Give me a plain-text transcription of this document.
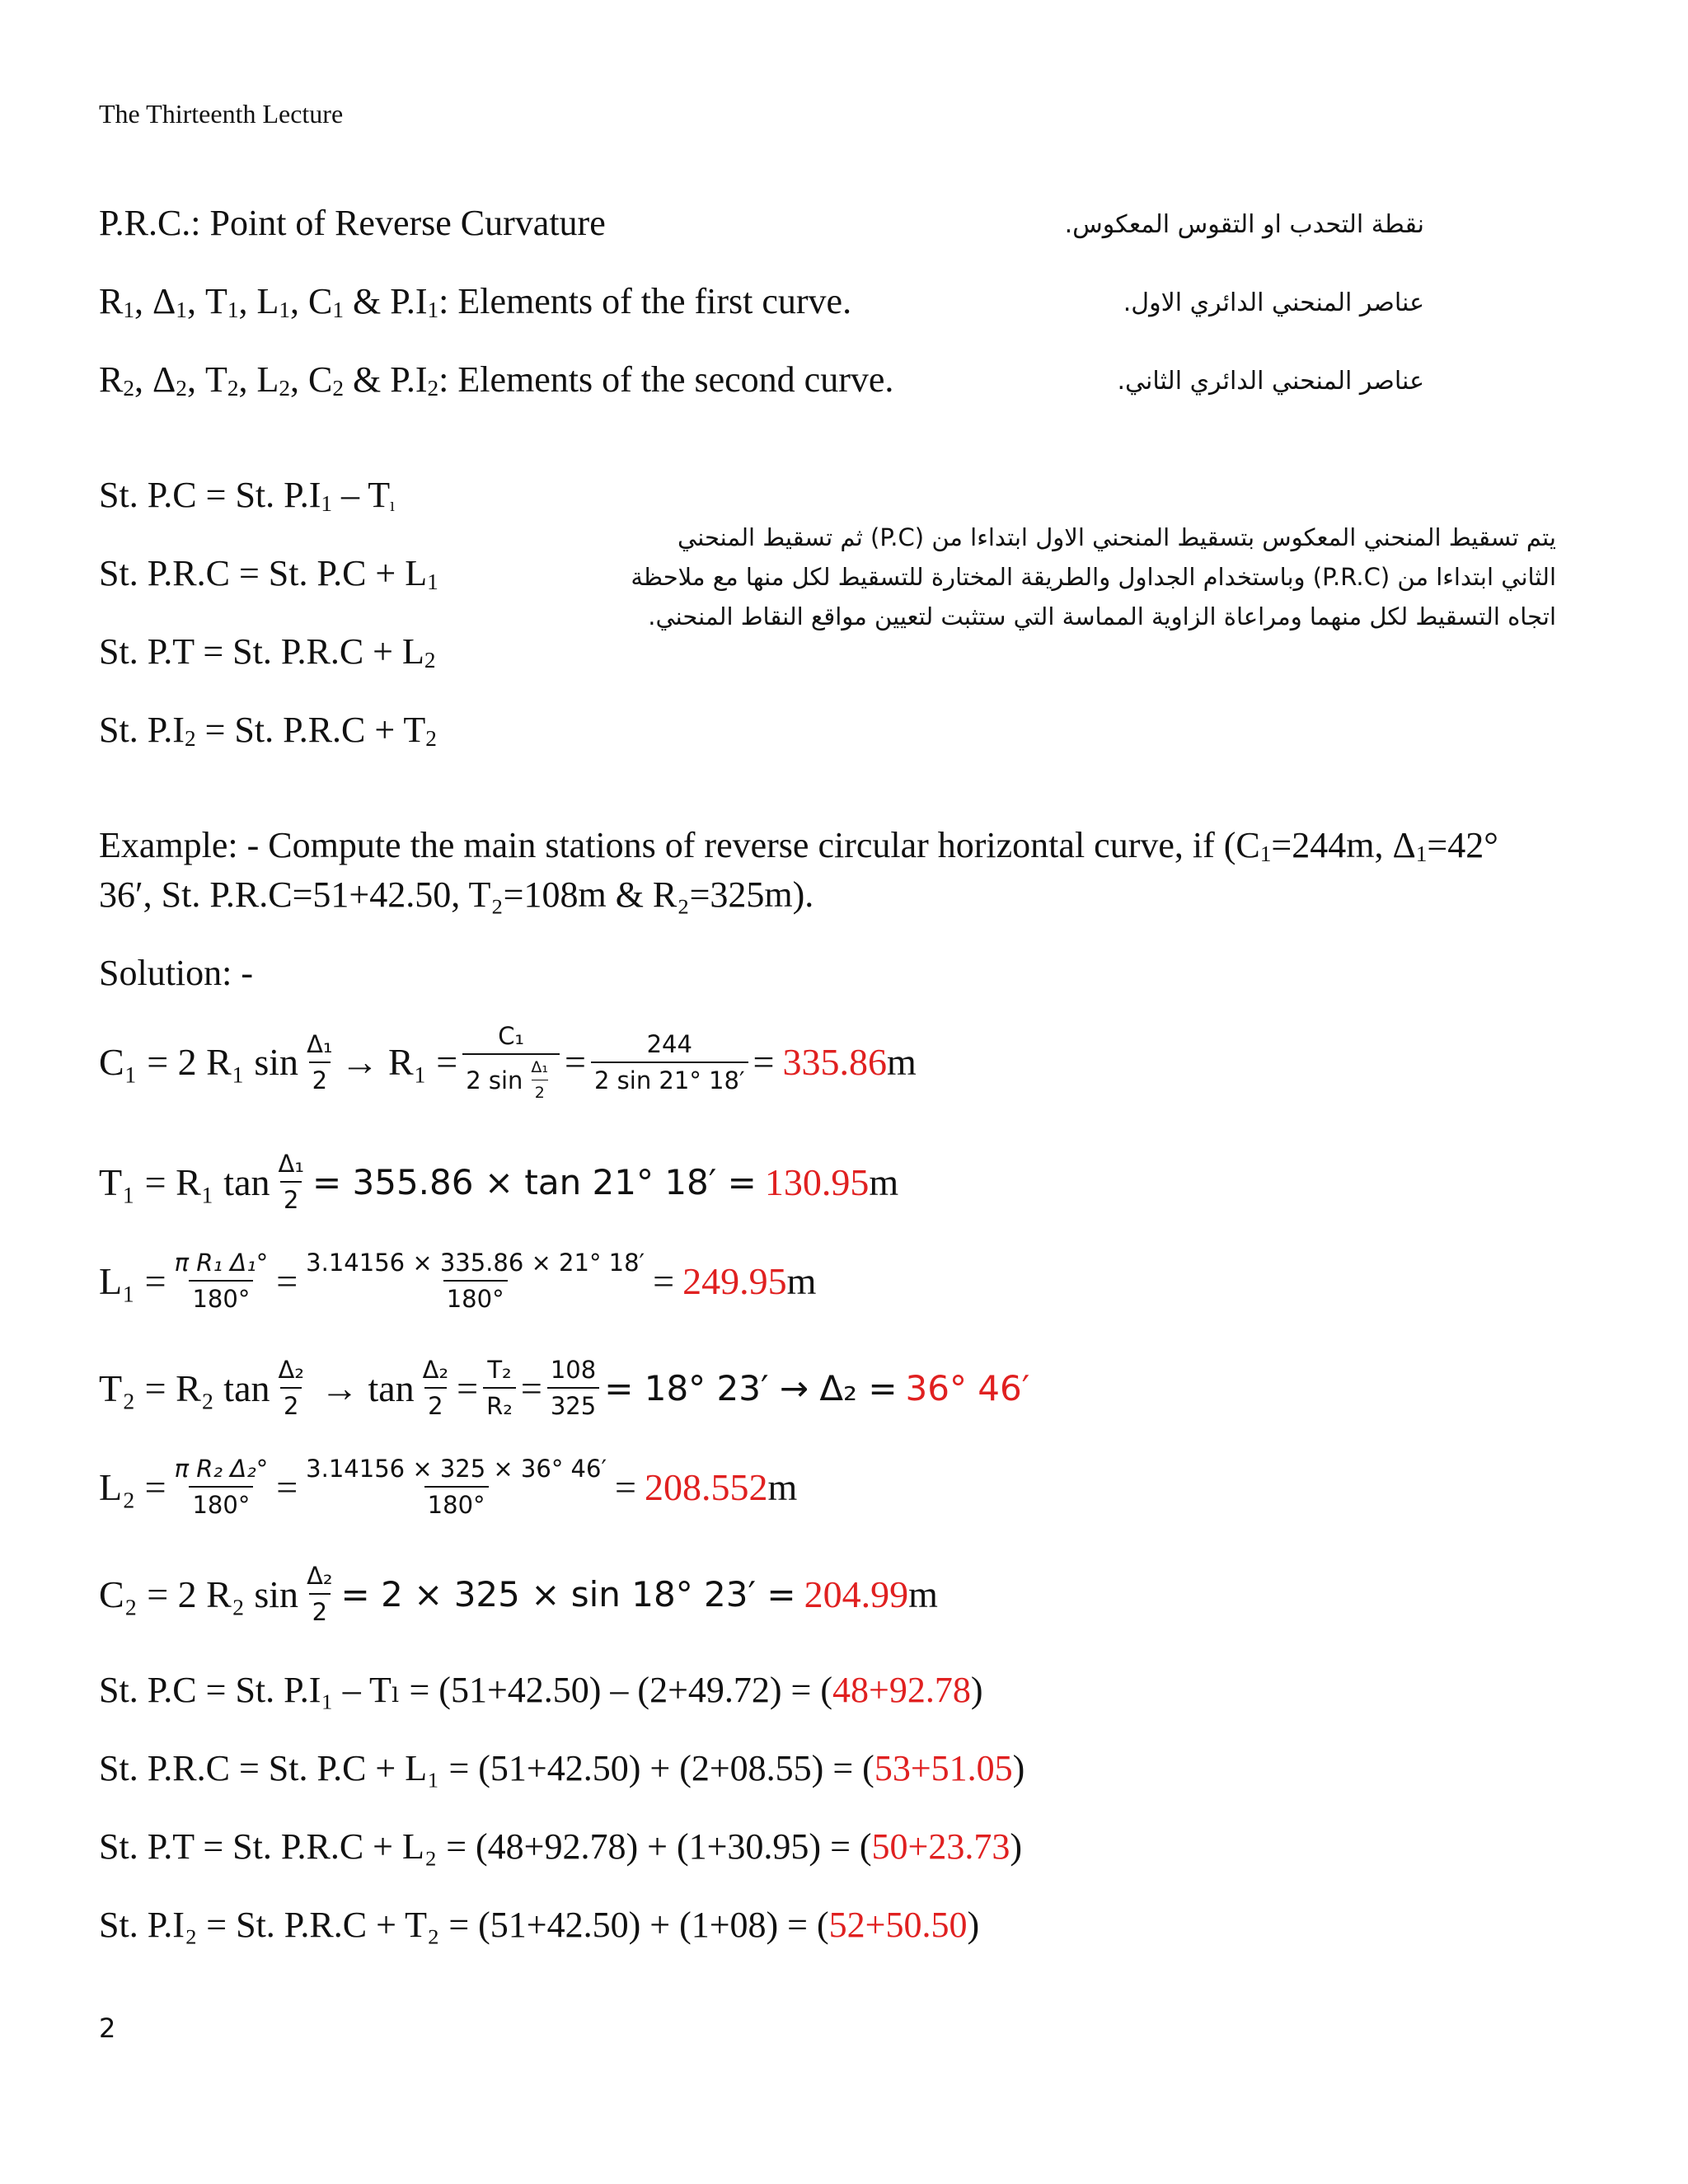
The Thirteenth Lecture
P.R.C.: Point of Reverse Curvature	نقطة التحدب او التقوس المعكوس.
$R_1$, $\Delta_1$, $T_1$, $L_1$, $C_1$ & $P.I_1$: Elements of the first curve.	عناصر المنحني الدائري الاول.
$R_2$, $\Delta_2$, $T_2$, $L_2$, $C_2$ & $P.I_2$: Elements of the second curve.	عناصر المنحني الدائري الثاني.
St. P.C = St. $P.I_1 - T_{_l}$
St. P.R.C = St. $P.C + L_1$
St. P.T = St. $P.R.C + L_2$
St. $P.I_2 = St$. $P.R.C + T_2$
يتم تسقيط المنحني المعكوس بتسقيط المنحني الاول ابتداءا من (P.C) ثم تسقيط المنحني الثاني ابتداءا من (P.R.C) وباستخدام الجداول والطريقة المختارة للتسقيط لكل منها مع ملاحظة اتجاه التسقيط لكل منهما ومراعاة الزاوية المماسة التي ستثبت لتعيين مواقع النقاط المنحني.
Example: - Compute the main stations of reverse circular horizontal curve, if ($C_1=244m$, $\Delta_1=42^\circ$
36′, St. P.R.C=51+42.50, T₂=108m & R₂=325m).
Solution: -
C₁ = 2 R₁ $\sin \frac{\text{Δ₁}}{2} \to R_1 = \frac{\text{C₁}}{2 \sin \frac{\text{Δ₁}}{2}} = \frac{244}{2 \sin 21^\circ 18'} = 335.86$ m
T₁ = R₁ $\tan \frac{\text{Δ₁}}{2} = 355.86 \times \tan 21^\circ$ 18′ = 130.95 m
$L_1 = \frac{\text{π R₁ Δ₁°}}{180^\circ} = \frac{3.14156 \times 335.86 \times 21^\circ 18'}{180^\circ} = 249.95$ m
T₂ = R₂ $\tan \frac{\text{Δ₂}}{2} \to \tan \frac{\text{Δ₂}}{2} = \frac{\text{T₂}}{\text{R₂}} = \frac{108}{325} = 18^\circ$ 23′ → Δ₂ = 36° 46′
$L_2 = \frac{\text{π R₂ Δ₂°}}{180^\circ} = \frac{3.14156 \times 325 \times 36^\circ 46'}{180^\circ} = 208.552$ m
C₂ = 2 R₂ $\sin \frac{\text{Δ₂}}{2} = 2 \times 325 \times \sin 18^\circ$ 23′ = 204.99 m
St. P.C = St. P.I₁ – Tₗ = (51+42.50) – (2+49.72) = (48+92.78)
St. P.R.C = St. P.C + L₁ = (51+42.50) + (2+08.55) = (53+51.05)
St. P.T = St. P.R.C + L₂ = (48+92.78) + (1+30.95) = (50+23.73)
St. P.I₂ = St. P.R.C + T₂ = (51+42.50) + (1+08) = (52+50.50)
2
